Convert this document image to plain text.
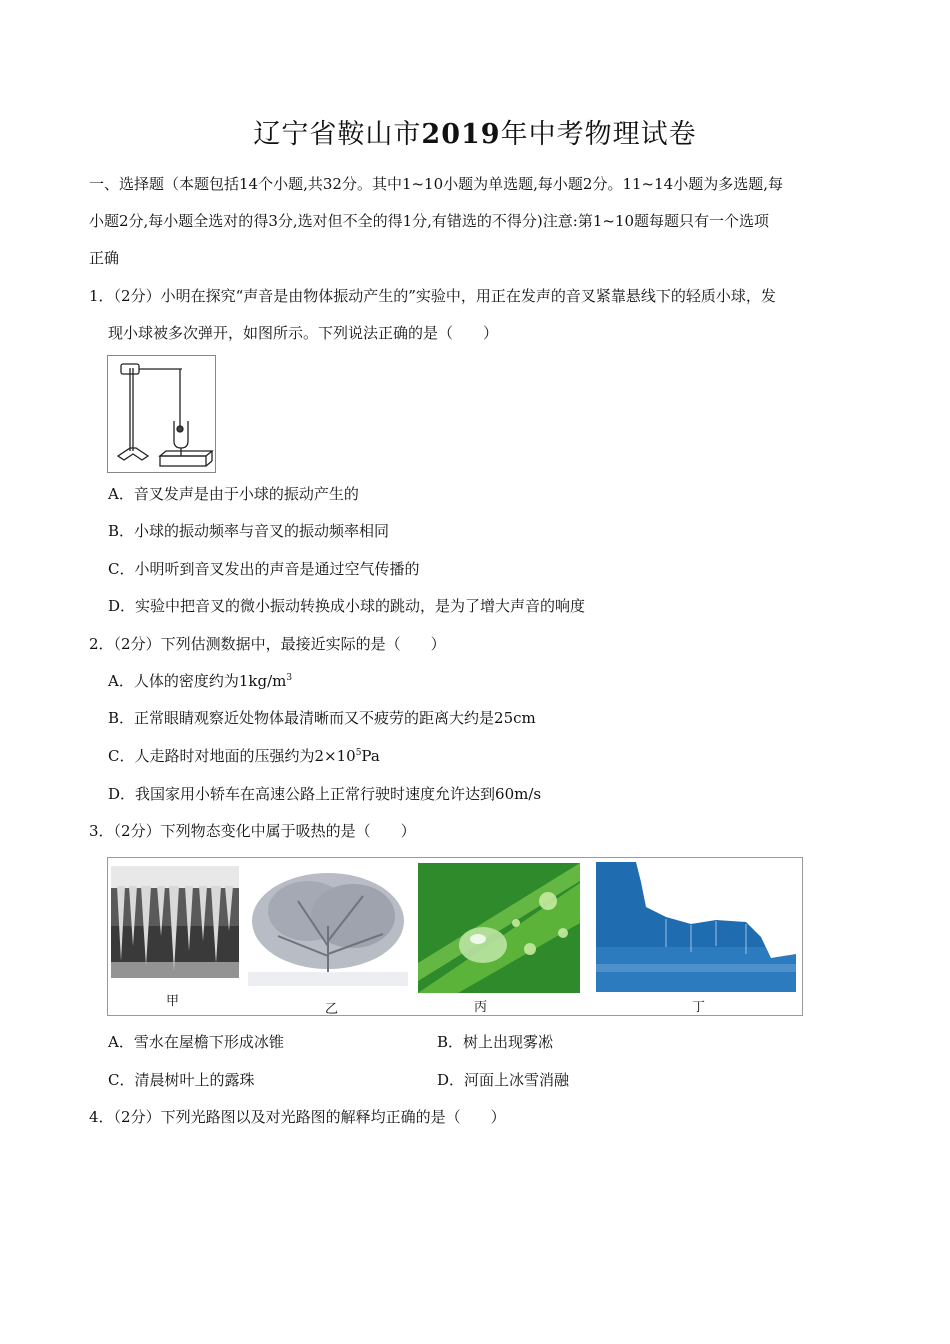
辽宁省鞍山市2019年中考物理试卷
一、选择题（本题包括14个小题,共32分。其中1~10小题为单选题,每小题2分。11~14小题为多选题,每
小题2分,每小题全选对的得3分,选对但不全的得1分,有错选的不得分)注意:第1~10题每题只有一个选项
正确
1．（2分）小明在探究“声音是由物体振动产生的”实验中，用正在发声的音叉紧靠悬线下的轻质小球，发
现小球被多次弹开，如图所示。下列说法正确的是（　　）
A．音叉发声是由于小球的振动产生的
B．小球的振动频率与音叉的振动频率相同
C．小明听到音叉发出的声音是通过空气传播的
D．实验中把音叉的微小振动转换成小球的跳动，是为了增大声音的响度
2．（2分）下列估测数据中，最接近实际的是（　　）
A．人体的密度约为$1kg/m^3$
B．正常眼睛观察近处物体最清晰而又不疲劳的距离大约是25cm
C．人走路时对地面的压强约为$2\times 10^5Pa$
D．我国家用小轿车在高速公路上正常行驶时速度允许达到60m/s
3．（2分）下列物态变化中属于吸热的是（　　）
甲
乙	丙	丁
A．雪水在屋檐下形成冰锥	B．树上出现雾凇
C．清晨树叶上的露珠	D．河面上冰雪消融
4．（2分）下列光路图以及对光路图的解释均正确的是（　　）
